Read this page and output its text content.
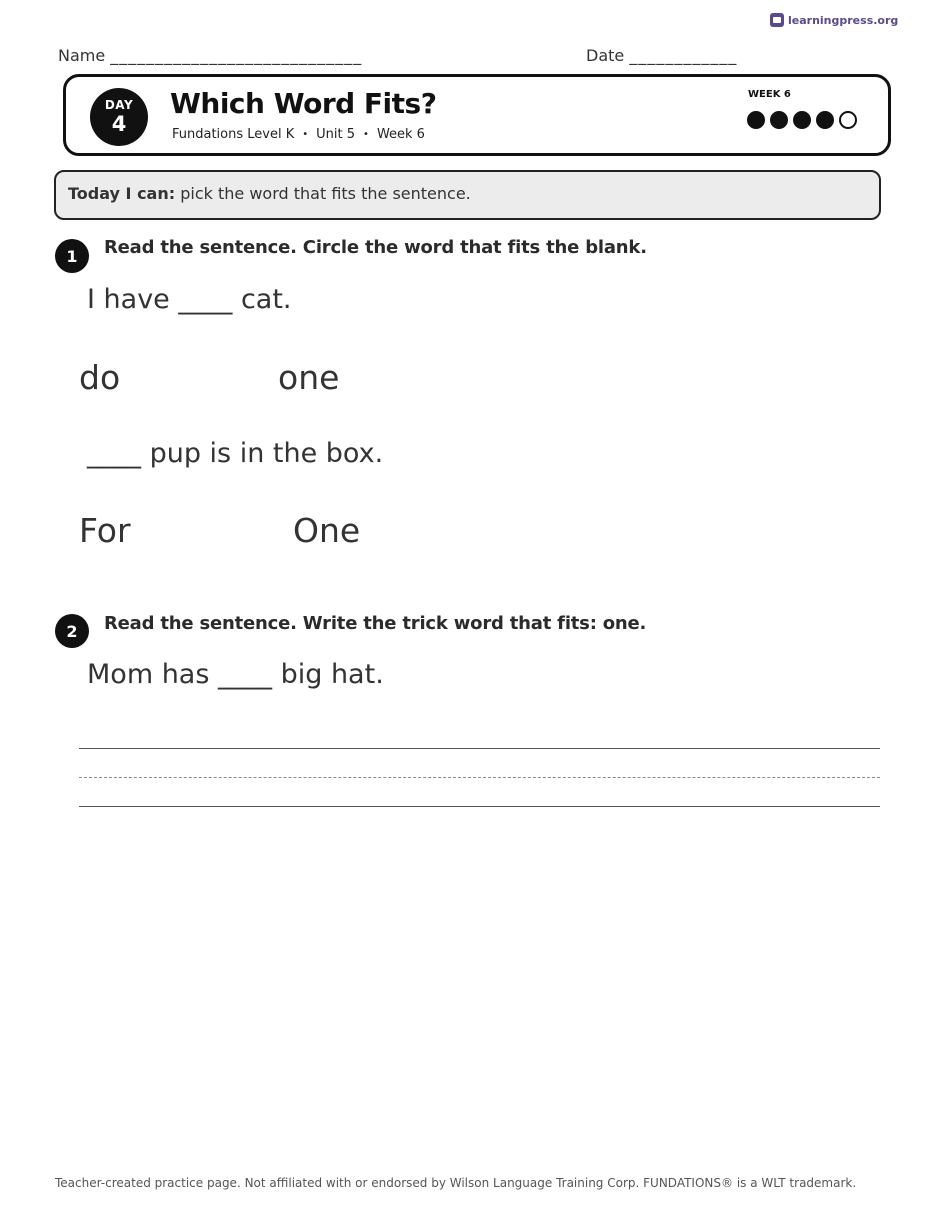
learningpress.org
Name ____________________________	Date ____________
DAY
4
Which Word Fits?
Fundations Level K • Unit 5 • Week 6
WEEK 6
Today I can: pick the word that fits the sentence.
1	Read the sentence. Circle the word that fits the blank.
I have ____ cat.
do	one
____ pup is in the box.
For	One
2	Read the sentence. Write the trick word that fits: one.
Mom has ____ big hat.
Teacher-created practice page. Not affiliated with or endorsed by Wilson Language Training Corp. FUNDATIONS® is a WLT trademark.
